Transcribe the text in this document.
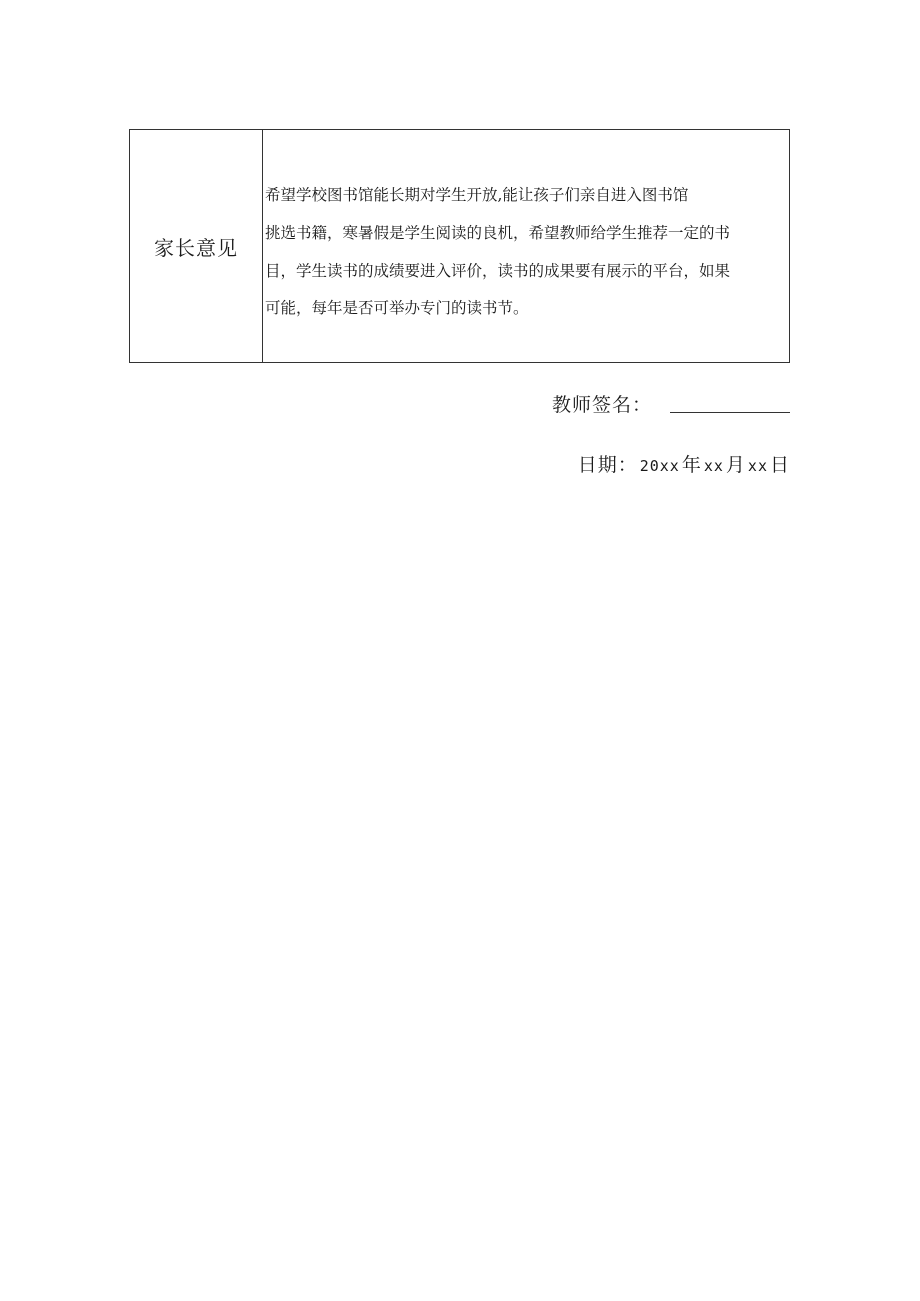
家长意见
希望学校图书馆能长期对学生开放,能让孩子们亲自进入图书馆
挑选书籍，寒暑假是学生阅读的良机，希望教师给学生推荐一定的书
目，学生读书的成绩要进入评价，读书的成果要有展示的平台，如果
可能，每年是否可举办专门的读书节。
教师签名：
日期： 20xx 年 xx 月 xx 日
